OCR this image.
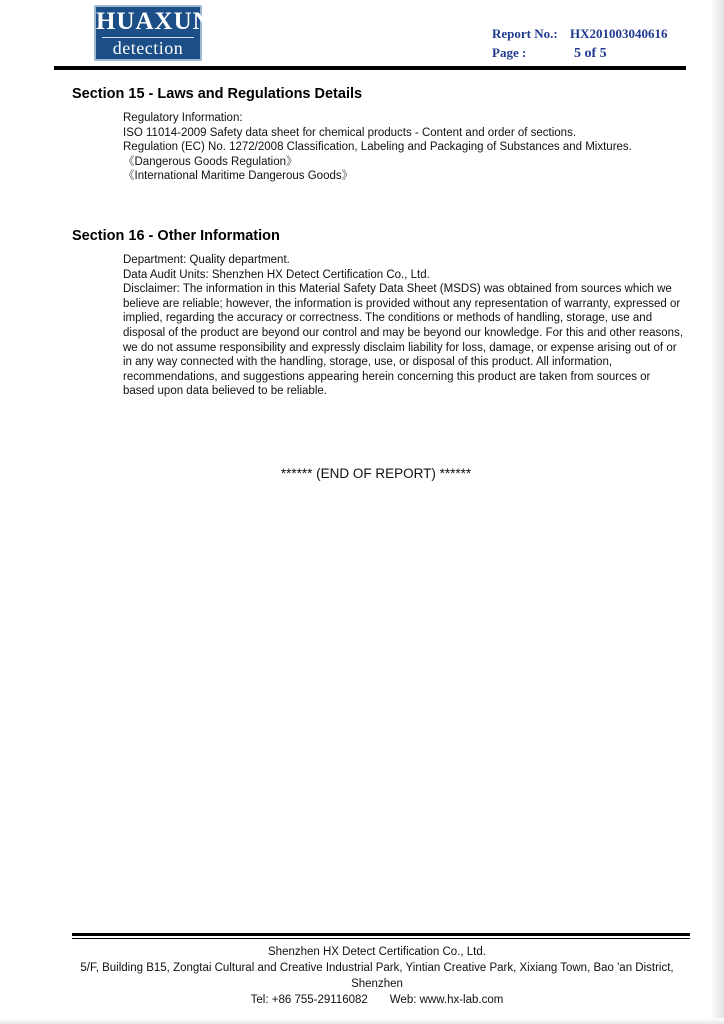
HUAXUN
detection
Report No.: HX201003040616
Page :	5 of 5
Section 15 - Laws and Regulations Details

Regulatory Information:

ISO 11014-2009 Safety data sheet for chemical products - Content and order of sections.

Regulation (EC) No. 1272/2008 Classification, Labeling and Packaging of Substances and Mixtures.

《Dangerous Goods Regulation》

《International Maritime Dangerous Goods》

Section 16 - Other Information

Department: Quality department.

Data Audit Units: Shenzhen HX Detect Certification Co., Ltd.

Disclaimer: The information in this Material Safety Data Sheet (MSDS) was obtained from sources which we believe are reliable; however, the information is provided without any representation of warranty, expressed or implied, regarding the accuracy or correctness. The conditions or methods of handling, storage, use and disposal of the product are beyond our control and may be beyond our knowledge. For this and other reasons, we do not assume responsibility and expressly disclaim liability for loss, damage, or expense arising out of or in any way connected with the handling, storage, use, or disposal of this product. All information, recommendations, and suggestions appearing herein concerning this product are taken from sources or based upon data believed to be reliable.

****** (END OF REPORT) ******

Shenzhen HX Detect Certification Co., Ltd.

5/F, Building B15, Zongtai Cultural and Creative Industrial Park, Yintian Creative Park, Xixiang Town, Bao 'an District, Shenzhen

Tel: +86 755-29116082 Web: www.hx-lab.com
